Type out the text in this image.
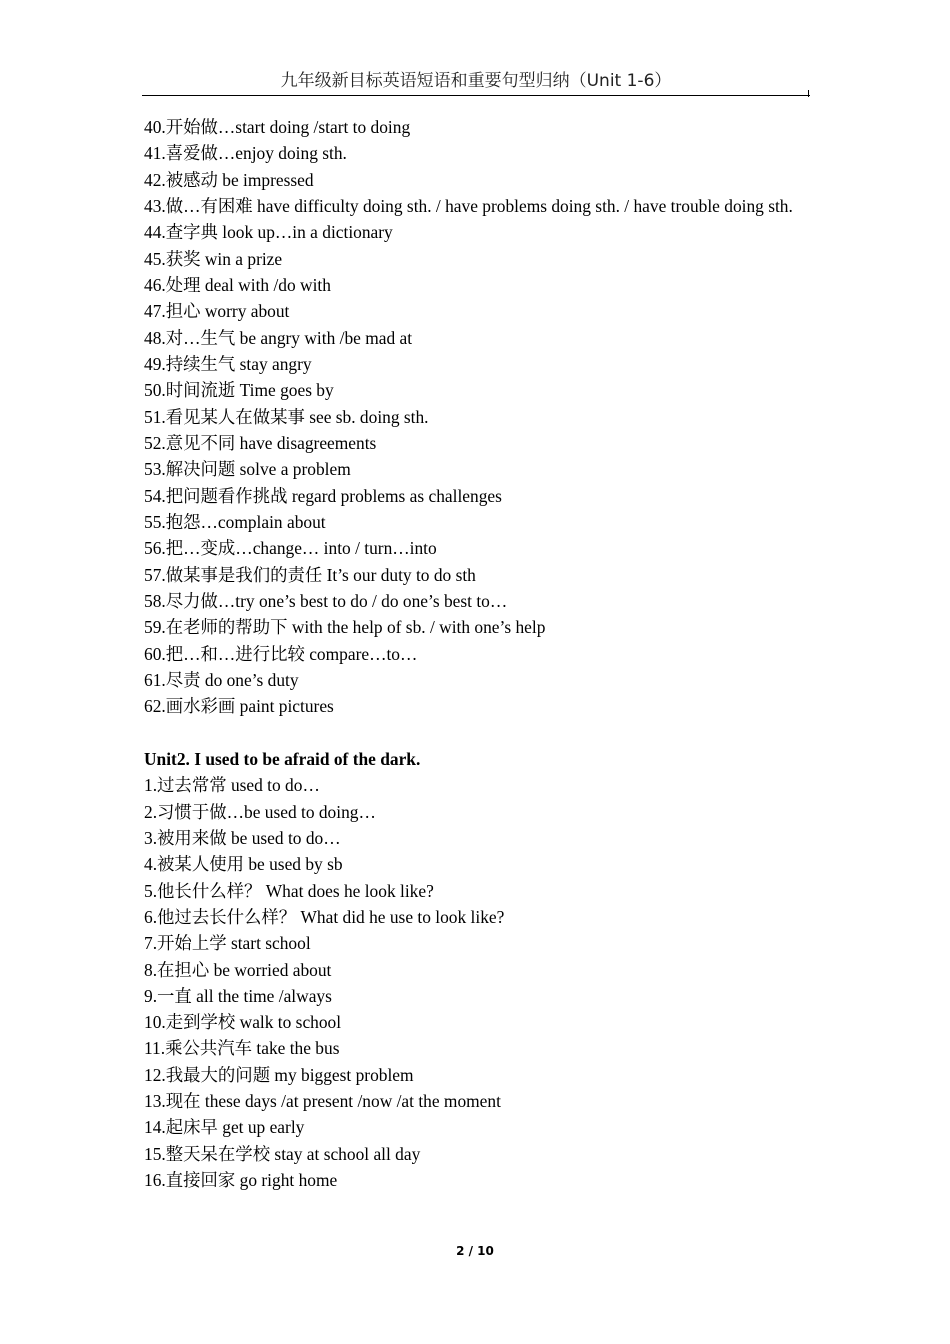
九年级新目标英语短语和重要句型归纳（Unit 1-6）

40.开始做…start doing /start to doing

41.喜爱做…enjoy doing sth.

42.被感动 be impressed

43.做…有困难 have difficulty doing sth. / have problems doing sth. / have trouble doing sth.

44.查字典 look up…in a dictionary

45.获奖 win a prize

46.处理 deal with /do with

47.担心 worry about

48.对…生气 be angry with /be mad at

49.持续生气 stay angry

50.时间流逝 Time goes by

51.看见某人在做某事 see sb. doing sth.

52.意见不同 have disagreements

53.解决问题 solve a problem

54.把问题看作挑战 regard problems as challenges

55.抱怨…complain about

56.把…变成…change… into / turn…into

57.做某事是我们的责任 It’s our duty to do sth

58.尽力做…try one’s best to do / do one’s best to…

59.在老师的帮助下 with the help of sb. / with one’s help

60.把…和…进行比较 compare…to…

61.尽责 do one’s duty

62.画水彩画 paint pictures

Unit2. I used to be afraid of the dark.

1.过去常常 used to do…

2.习惯于做…be used to doing…

3.被用来做 be used to do…

4.被某人使用 be used by sb

5.他长什么样？ What does he look like?

6.他过去长什么样？ What did he use to look like?

7.开始上学 start school

8.在担心 be worried about

9.一直 all the time /always

10.走到学校 walk to school

11.乘公共汽车 take the bus

12.我最大的问题 my biggest problem

13.现在 these days /at present /now /at the moment

14.起床早 get up early

15.整天呆在学校 stay at school all day

16.直接回家 go right home

2 / 10
